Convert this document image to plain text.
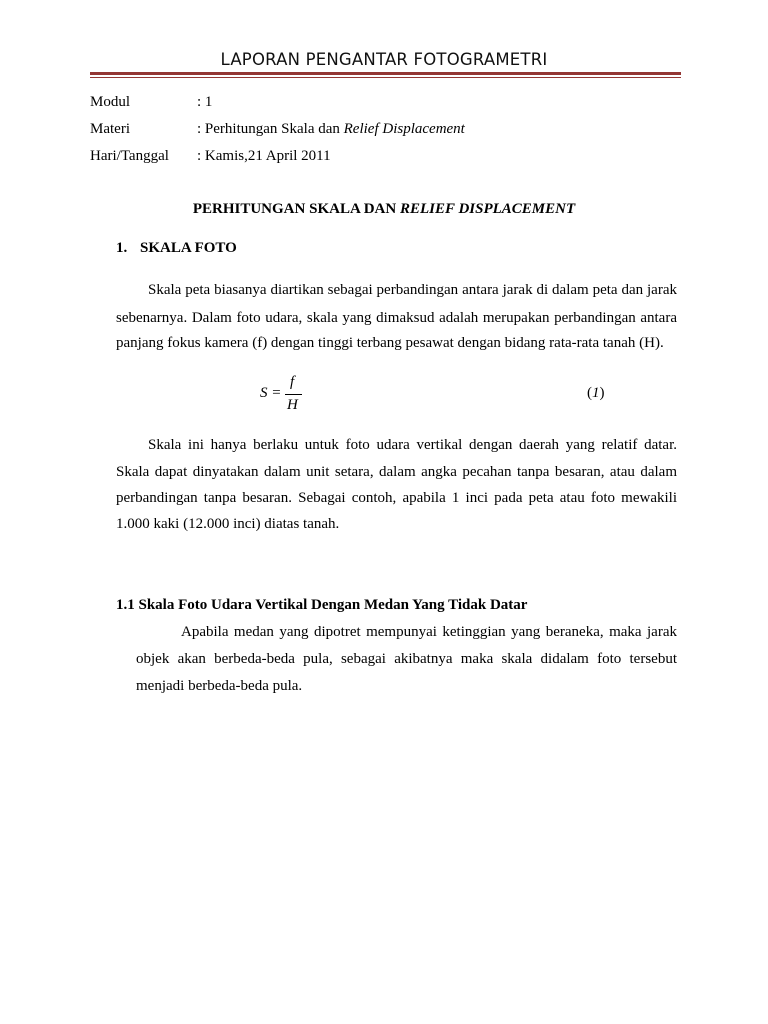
LAPORAN PENGANTAR FOTOGRAMETRI
Modul	: 1
Materi	: Perhitungan Skala dan Relief Displacement
Hari/Tanggal : Kamis,21 April 2011
PERHITUNGAN SKALA DAN RELIEF DISPLACEMENT
1. SKALA FOTO
Skala peta biasanya diartikan sebagai perbandingan antara jarak di dalam peta dan jarak
sebenarnya. Dalam foto udara, skala yang dimaksud adalah merupakan perbandingan antara
panjang fokus kamera (f) dengan tinggi terbang pesawat dengan bidang rata-rata tanah (H).
S =
f
H
(1)
Skala ini hanya berlaku untuk foto udara vertikal dengan daerah yang relatif datar.
Skala dapat dinyatakan dalam unit setara, dalam angka pecahan tanpa besaran, atau dalam
perbandingan tanpa besaran. Sebagai contoh, apabila 1 inci pada peta atau foto mewakili
1.000 kaki (12.000 inci) diatas tanah.
1.1 Skala Foto Udara Vertikal Dengan Medan Yang Tidak Datar
Apabila medan yang dipotret mempunyai ketinggian yang beraneka, maka jarak
objek akan berbeda-beda pula, sebagai akibatnya maka skala didalam foto tersebut
menjadi berbeda-beda pula.
